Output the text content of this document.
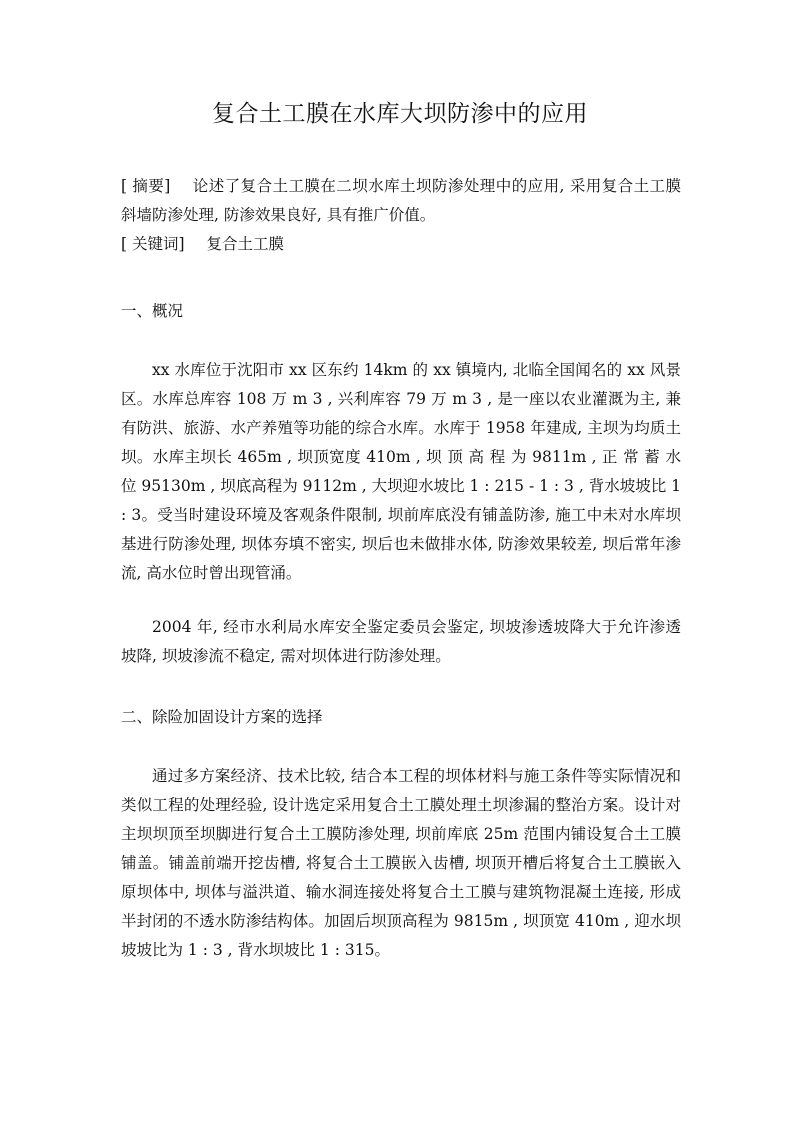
复合土工膜在水库大坝防渗中的应用
[ 摘要] 论述了复合土工膜在二坝水库土坝防渗处理中的应用, 采用复合土工膜斜墙防渗处理, 防渗效果良好, 具有推广价值。
[ 关键词] 复合土工膜
一、概况
xx 水库位于沈阳市 xx 区东约 14km 的 xx 镇境内, 北临全国闻名的 xx 风景区。水库总库容 108 万 m 3 , 兴利库容 79 万 m 3 , 是一座以农业灌溉为主, 兼有防洪、旅游、水产养殖等功能的综合水库。水库于 1958 年建成, 主坝为均质土坝。水库主坝长 465m , 坝顶宽度 410m , 坝 顶 高 程 为 9811m , 正 常 蓄 水 位 95130m , 坝底高程为 9112m , 大坝迎水坡比 1 : 215 - 1 : 3 , 背水坡坡比 1 : 3。受当时建设环境及客观条件限制, 坝前库底没有铺盖防渗, 施工中未对水库坝基进行防渗处理, 坝体夯填不密实, 坝后也未做排水体, 防渗效果较差, 坝后常年渗流, 高水位时曾出现管涌。
2004 年, 经市水利局水库安全鉴定委员会鉴定, 坝坡渗透坡降大于允许渗透坡降, 坝坡渗流不稳定, 需对坝体进行防渗处理。
二、除险加固设计方案的选择
通过多方案经济、技术比较, 结合本工程的坝体材料与施工条件等实际情况和类似工程的处理经验, 设计选定采用复合土工膜处理土坝渗漏的整治方案。设计对主坝坝顶至坝脚进行复合土工膜防渗处理, 坝前库底 25m 范围内铺设复合土工膜铺盖。铺盖前端开挖齿槽, 将复合土工膜嵌入齿槽, 坝顶开槽后将复合土工膜嵌入原坝体中, 坝体与溢洪道、输水洞连接处将复合土工膜与建筑物混凝土连接, 形成半封闭的不透水防渗结构体。加固后坝顶高程为 9815m , 坝顶宽 410m , 迎水坝坡坡比为 1 : 3 , 背水坝坡比 1 : 315。
